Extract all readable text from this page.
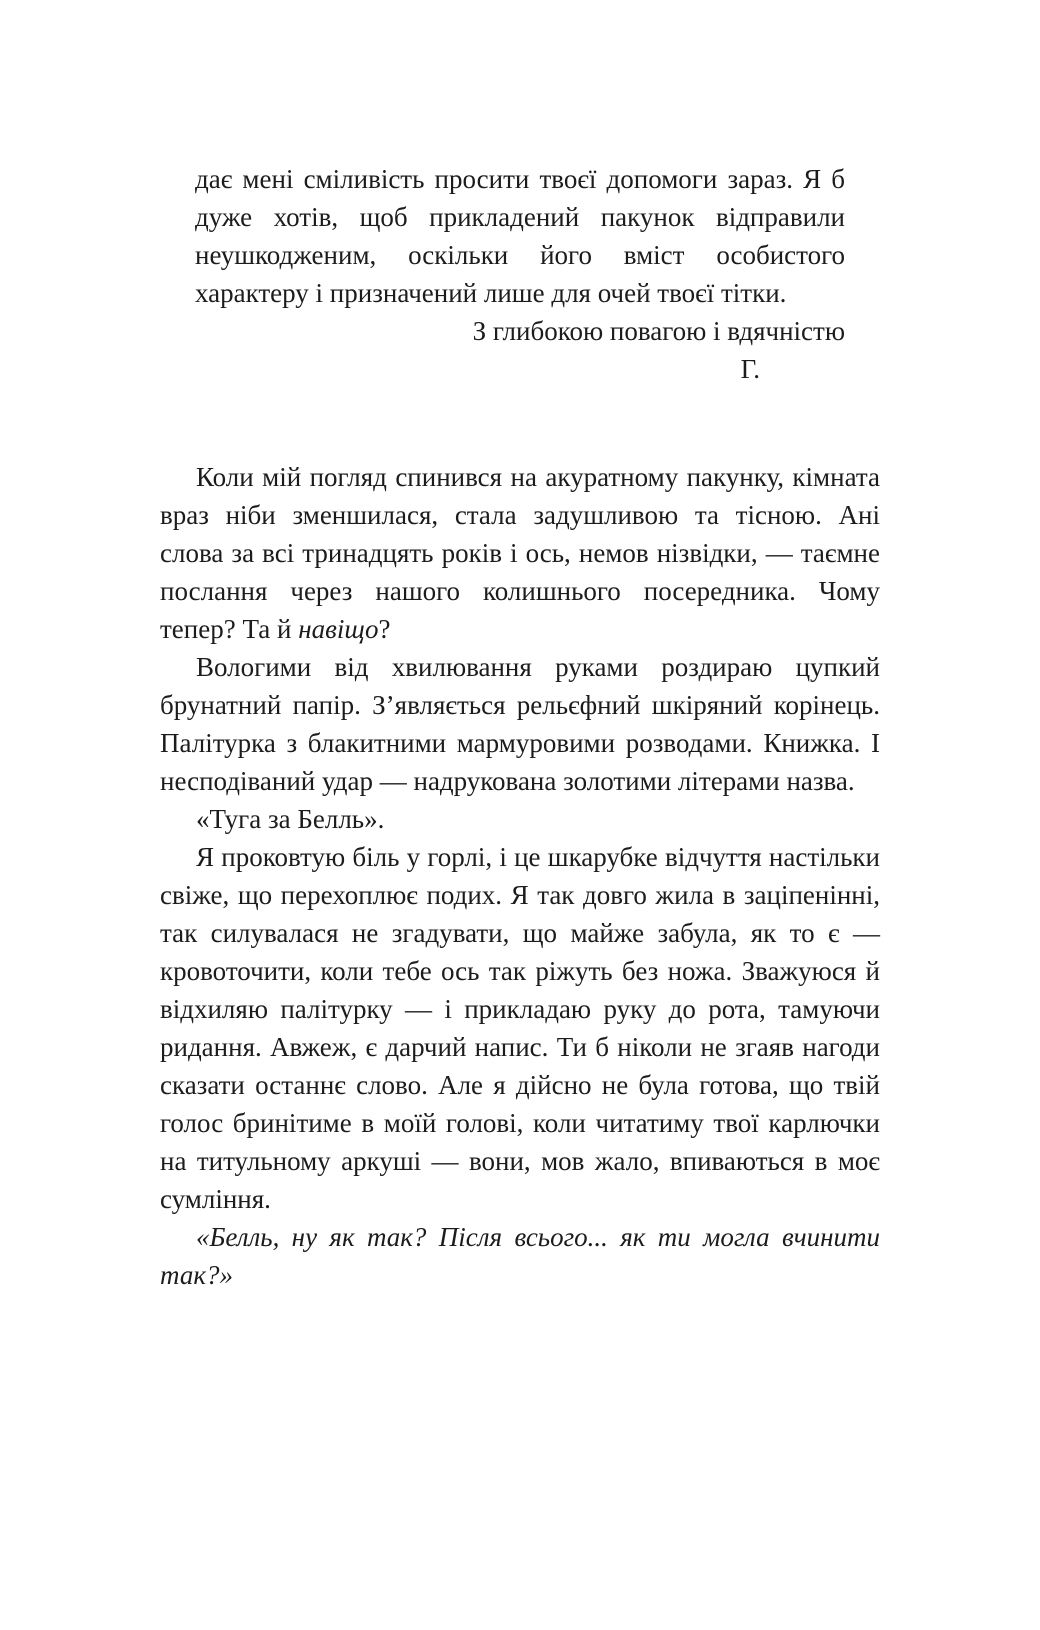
дає мені сміливість просити твоєї допомоги зараз. Я б дуже хотів, щоб прикладений пакунок відправили неушкодженим, оскільки його вміст особистого характеру і призначений лише для очей твоєї тітки.

З глибокою повагою і вдячністю

Г.

Коли мій погляд спинився на акуратному пакунку, кімната враз ніби зменшилася, стала задушливою та тісною. Ані слова за всі тринадцять років і ось, немов нізвідки, — таємне послання через нашого колишнього посередника. Чому тепер? Та й навіщо?

Вологими від хвилювання руками роздираю цупкий брунатний папір. З’являється рельєфний шкіряний корінець. Палітурка з блакитними мармуровими розводами. Книжка. І несподіваний удар — надрукована золотими літерами назва.

«Туга за Белль».

Я проковтую біль у горлі, і це шкарубке відчуття настільки свіже, що перехоплює подих. Я так довго жила в заціпенінні, так силувалася не згадувати, що майже забула, як то є — кровоточити, коли тебе ось так ріжуть без ножа. Зважуюся й відхиляю палітурку — і прикладаю руку до рота, тамуючи ридання. Авжеж, є дарчий напис. Ти б ніколи не згаяв нагоди сказати останнє слово. Але я дійсно не була готова, що твій голос бринітиме в моїй голові, коли читатиму твої карлючки на титульному аркуші — вони, мов жало, впиваються в моє сумління.

«Белль, ну як так? Після всього... як ти могла вчинити так?»
